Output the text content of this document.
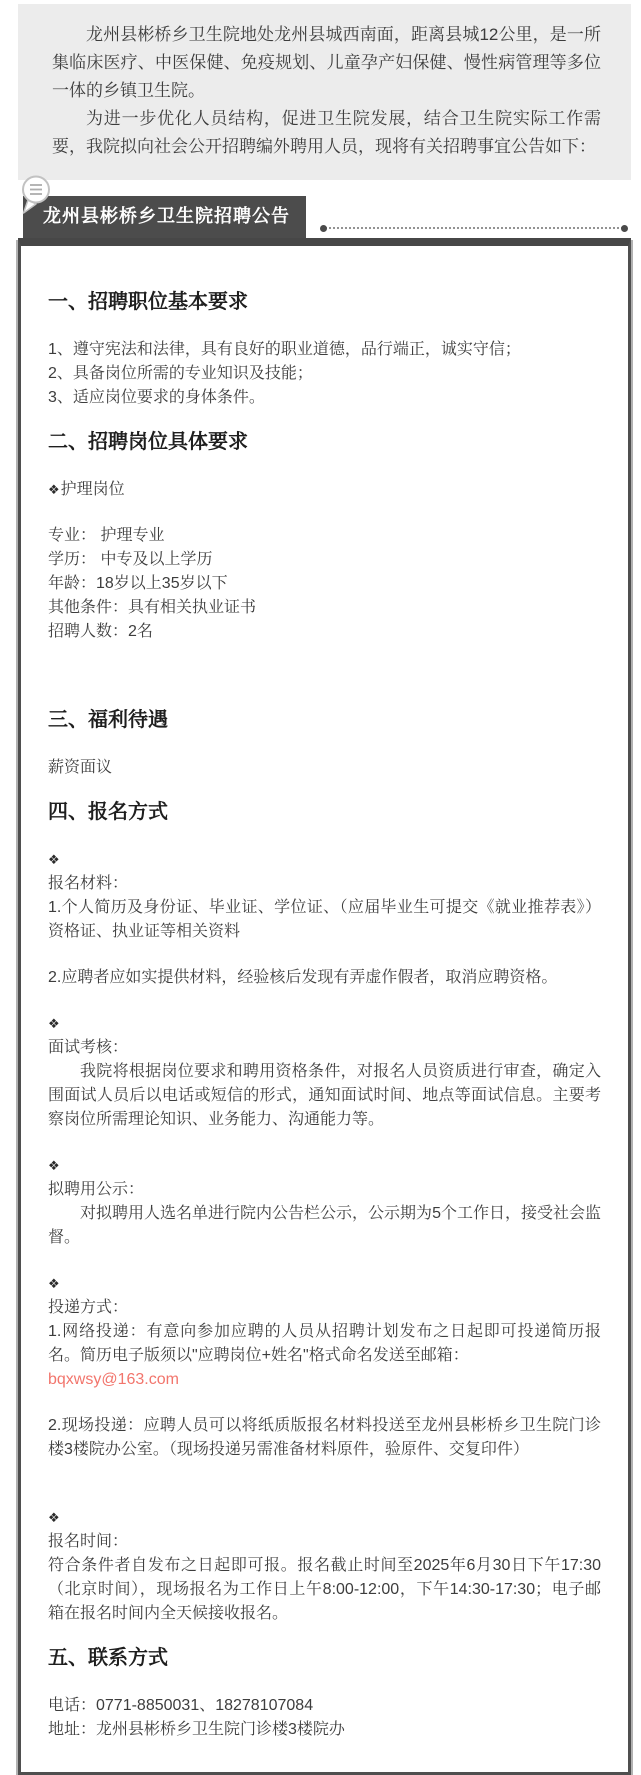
龙州县彬桥乡卫生院地处龙州县城西南面，距离县城12公里，是一所集临床医疗、中医保健、免疫规划、儿童孕产妇保健、慢性病管理等多位一体的乡镇卫生院。

为进一步优化人员结构，促进卫生院发展，结合卫生院实际工作需要，我院拟向社会公开招聘编外聘用人员，现将有关招聘事宜公告如下：

龙州县彬桥乡卫生院招聘公告
一、招聘职位基本要求

1、遵守宪法和法律，具有良好的职业道德，品行端正，诚实守信；

2、具备岗位所需的专业知识及技能；

3、适应岗位要求的身体条件。

二、招聘岗位具体要求

❖护理岗位

专业： 护理专业

学历： 中专及以上学历

年龄：18岁以上35岁以下

其他条件：具有相关执业证书

招聘人数：2名

三、福利待遇

薪资面议

四、报名方式

❖

报名材料：

1.个人简历及身份证、毕业证、学位证、（应届毕业生可提交《就业推荐表》）资格证、执业证等相关资料

2.应聘者应如实提供材料，经验核后发现有弄虚作假者，取消应聘资格。

❖

面试考核：

我院将根据岗位要求和聘用资格条件，对报名人员资质进行审查，确定入围面试人员后以电话或短信的形式，通知面试时间、地点等面试信息。主要考察岗位所需理论知识、业务能力、沟通能力等。

❖

拟聘用公示：

对拟聘用人选名单进行院内公告栏公示，公示期为5个工作日，接受社会监督。

❖

投递方式：

1.网络投递：有意向参加应聘的人员从招聘计划发布之日起即可投递简历报名。简历电子版须以"应聘岗位+姓名"格式命名发送至邮箱：

bqxwsy@163.com

2.现场投递：应聘人员可以将纸质版报名材料投送至龙州县彬桥乡卫生院门诊楼3楼院办公室。（现场投递另需准备材料原件，验原件、交复印件）

❖

报名时间：

符合条件者自发布之日起即可报。报名截止时间至2025年6月30日下午17:30（北京时间），现场报名为工作日上午8:00-12:00，下午14:30-17:30；电子邮箱在报名时间内全天候接收报名。

五、联系方式

电话：0771-8850031、18278107084

地址：龙州县彬桥乡卫生院门诊楼3楼院办
